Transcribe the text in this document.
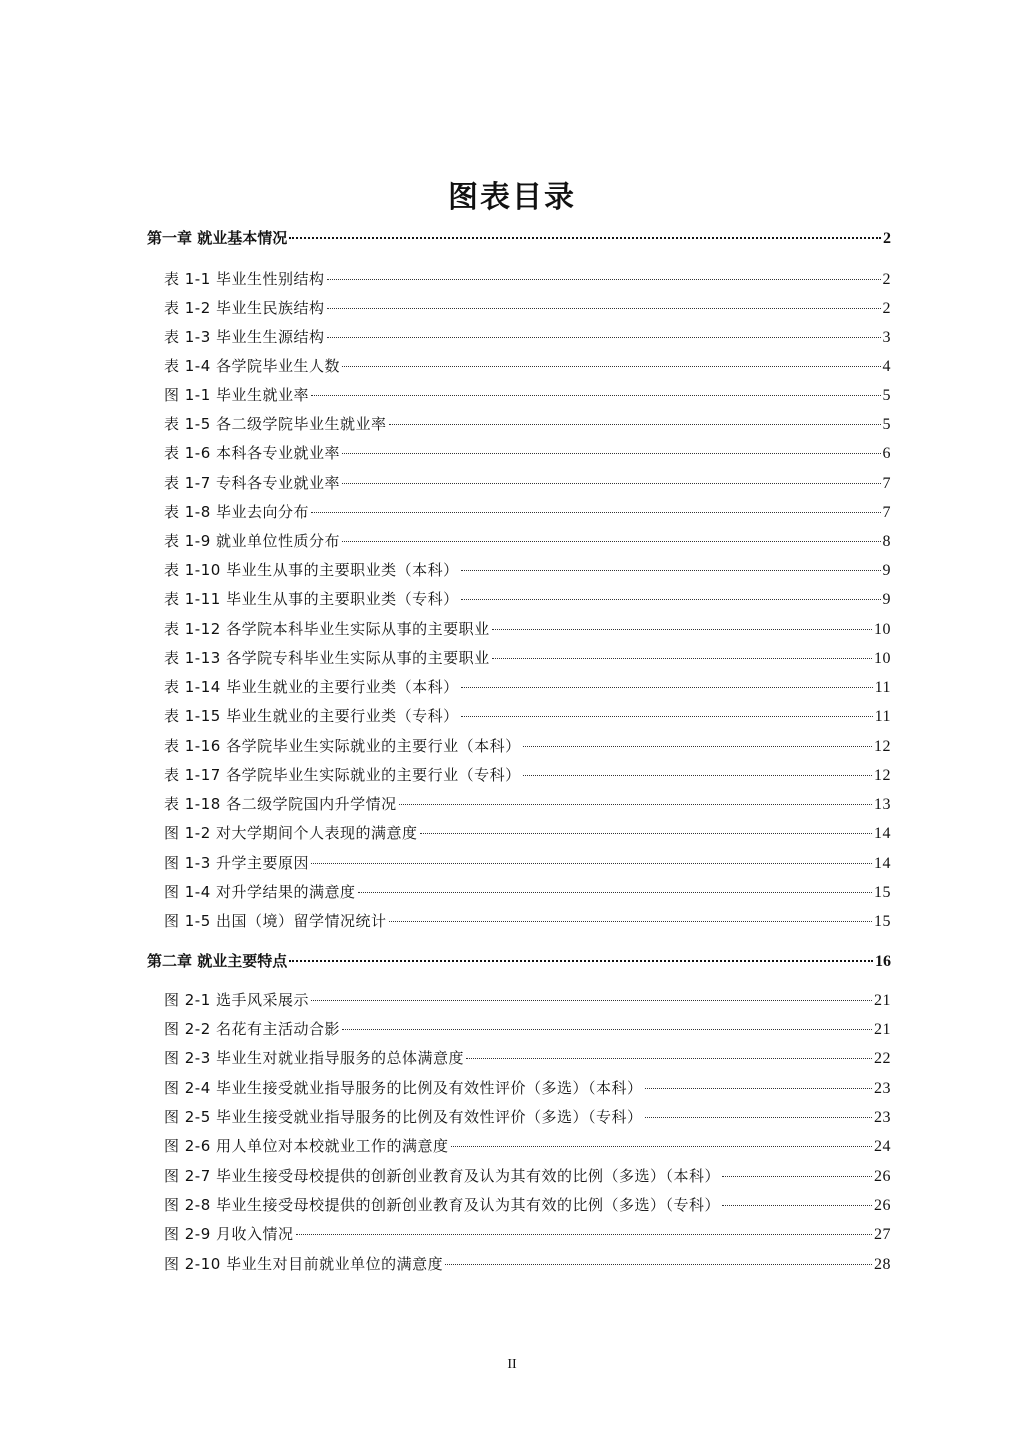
图表目录
第一章 就业基本情况	2
表 1-1 毕业生性别结构	2
表 1-2 毕业生民族结构	2
表 1-3 毕业生生源结构	3
表 1-4 各学院毕业生人数	4
图 1-1 毕业生就业率	5
表 1-5 各二级学院毕业生就业率	5
表 1-6 本科各专业就业率	6
表 1-7 专科各专业就业率	7
表 1-8 毕业去向分布	7
表 1-9 就业单位性质分布	8
表 1-10 毕业生从事的主要职业类（本科）	9
表 1-11 毕业生从事的主要职业类（专科）	9
表 1-12 各学院本科毕业生实际从事的主要职业	10
表 1-13 各学院专科毕业生实际从事的主要职业	10
表 1-14 毕业生就业的主要行业类（本科）	11
表 1-15 毕业生就业的主要行业类（专科）	11
表 1-16 各学院毕业生实际就业的主要行业（本科）	12
表 1-17 各学院毕业生实际就业的主要行业（专科）	12
表 1-18 各二级学院国内升学情况	13
图 1-2 对大学期间个人表现的满意度	14
图 1-3 升学主要原因	14
图 1-4 对升学结果的满意度	15
图 1-5 出国（境）留学情况统计	15
第二章 就业主要特点	16
图 2-1 选手风采展示	21
图 2-2 名花有主活动合影	21
图 2-3 毕业生对就业指导服务的总体满意度	22
图 2-4 毕业生接受就业指导服务的比例及有效性评价（多选）（本科）	23
图 2-5 毕业生接受就业指导服务的比例及有效性评价（多选）（专科）	23
图 2-6 用人单位对本校就业工作的满意度	24
图 2-7 毕业生接受母校提供的创新创业教育及认为其有效的比例（多选）（本科）	26
图 2-8 毕业生接受母校提供的创新创业教育及认为其有效的比例（多选）（专科）	26
图 2-9 月收入情况	27
图 2-10 毕业生对目前就业单位的满意度	28
II
